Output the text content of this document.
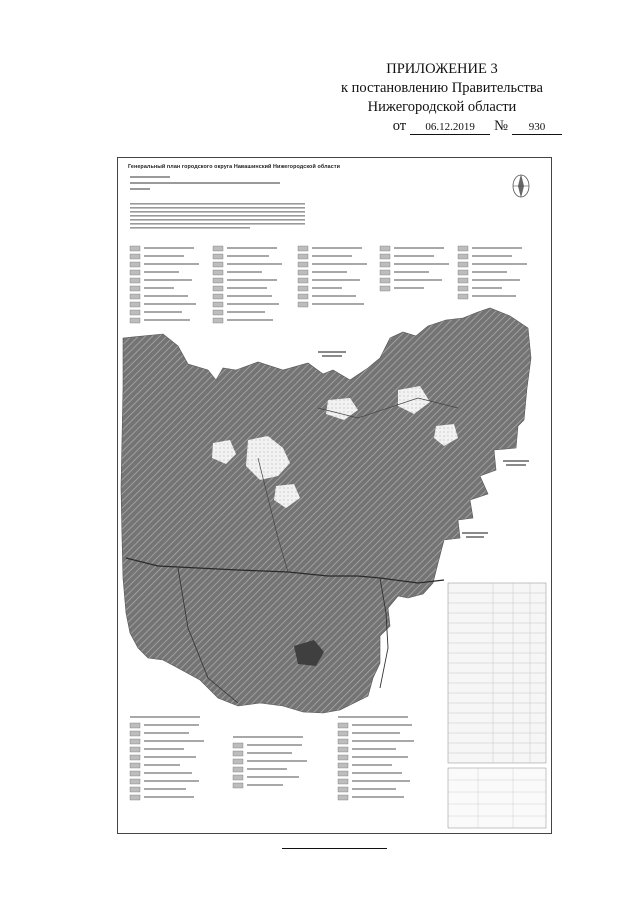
ПРИЛОЖЕНИЕ 3
к постановлению Правительства
Нижегородской области
от	06.12.2019	№	930
Генеральный план городского округа Навашинский Нижегородской области
